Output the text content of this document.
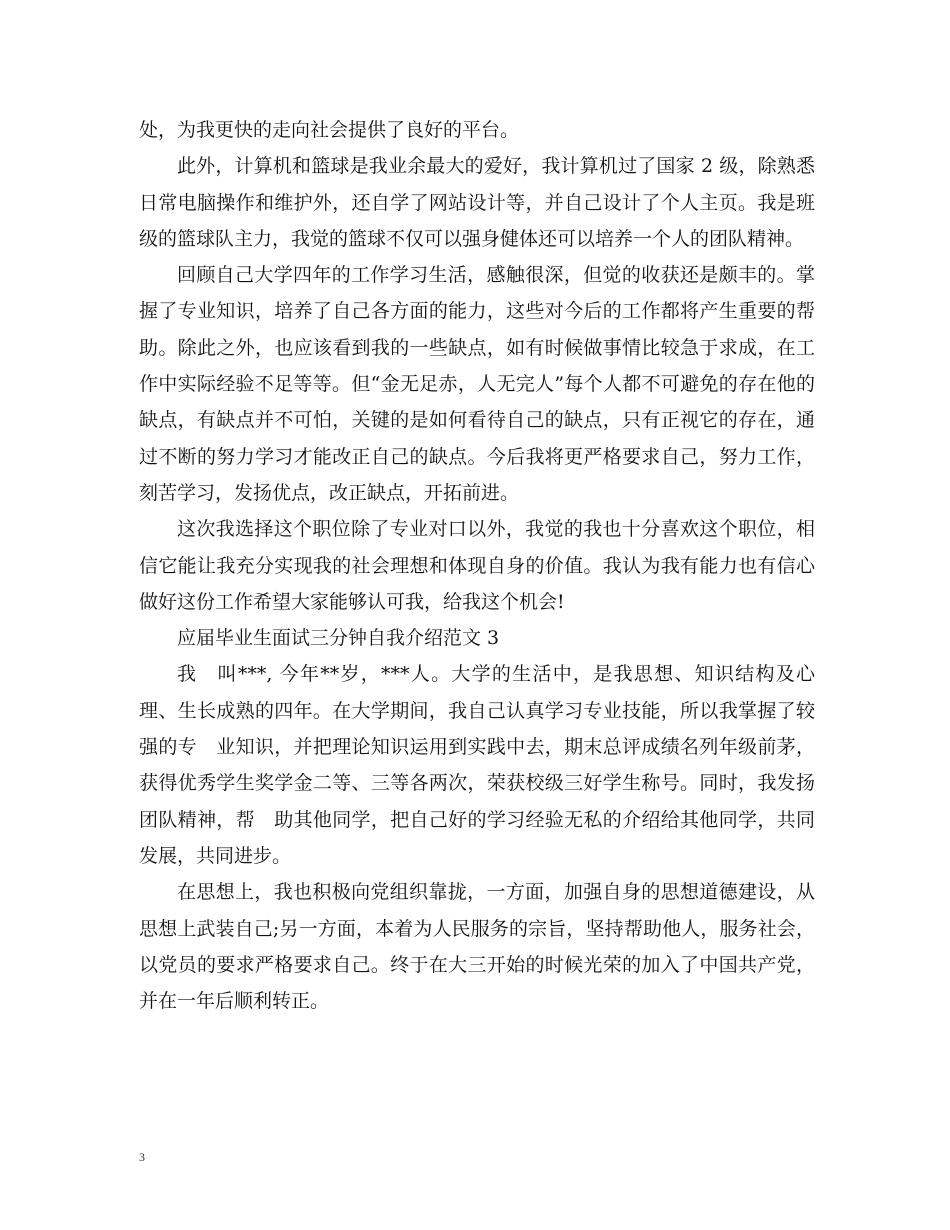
处，为我更快的走向社会提供了良好的平台。

此外，计算机和篮球是我业余最大的爱好，我计算机过了国家 2 级，除熟悉日常电脑操作和维护外，还自学了网站设计等，并自己设计了个人主页。我是班级的篮球队主力，我觉的篮球不仅可以强身健体还可以培养一个人的团队精神。

回顾自己大学四年的工作学习生活，感触很深，但觉的收获还是颇丰的。掌握了专业知识，培养了自己各方面的能力，这些对今后的工作都将产生重要的帮助。除此之外，也应该看到我的一些缺点，如有时候做事情比较急于求成，在工作中实际经验不足等等。但“金无足赤，人无完人”每个人都不可避免的存在他的缺点，有缺点并不可怕，关键的是如何看待自己的缺点，只有正视它的存在，通过不断的努力学习才能改正自己的缺点。今后我将更严格要求自己，努力工作，刻苦学习，发扬优点，改正缺点，开拓前进。

这次我选择这个职位除了专业对口以外，我觉的我也十分喜欢这个职位，相信它能让我充分实现我的社会理想和体现自身的价值。我认为我有能力也有信心做好这份工作希望大家能够认可我，给我这个机会!

应届毕业生面试三分钟自我介绍范文 3

我　叫***, 今年**岁，***人。大学的生活中，是我思想、知识结构及心理、生长成熟的四年。在大学期间，我自己认真学习专业技能，所以我掌握了较强的专　业知识，并把理论知识运用到实践中去，期末总评成绩名列年级前茅，获得优秀学生奖学金二等、三等各两次，荣获校级三好学生称号。同时，我发扬团队精神，帮　助其他同学，把自己好的学习经验无私的介绍给其他同学，共同发展，共同进步。

在思想上，我也积极向党组织靠拢，一方面，加强自身的思想道德建设，从思想上武装自己;另一方面，本着为人民服务的宗旨，坚持帮助他人，服务社会，以党员的要求严格要求自己。终于在大三开始的时候光荣的加入了中国共产党，并在一年后顺利转正。

3
